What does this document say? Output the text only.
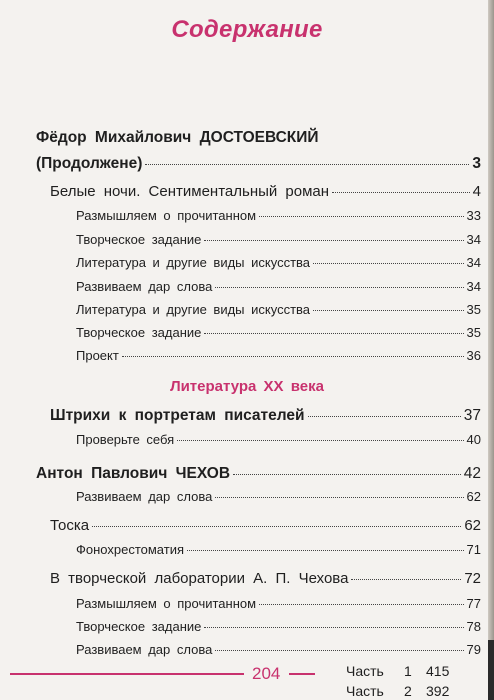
Содержание
Фёдор Михайлович ДОСТОЕВСКИЙ
(Продолжене)	3
Белые ночи. Сентиментальный роман	4
Размышляем о прочитанном	33
Творческое задание	34
Литература и другие виды искусства	34
Развиваем дар слова	34
Литература и другие виды искусства	35
Творческое задание	35
Проект	36
Литература XX века
Штрихи к портретам писателей	37
Проверьте себя	40
Антон Павлович ЧЕХОВ	42
Развиваем дар слова	62
Тоска	62
Фонохрестоматия	71
В творческой лаборатории А. П. Чехова	72
Размышляем о прочитанном	77
Творческое задание	78
Развиваем дар слова	79
204	Часть 1 415
Часть 2 392
